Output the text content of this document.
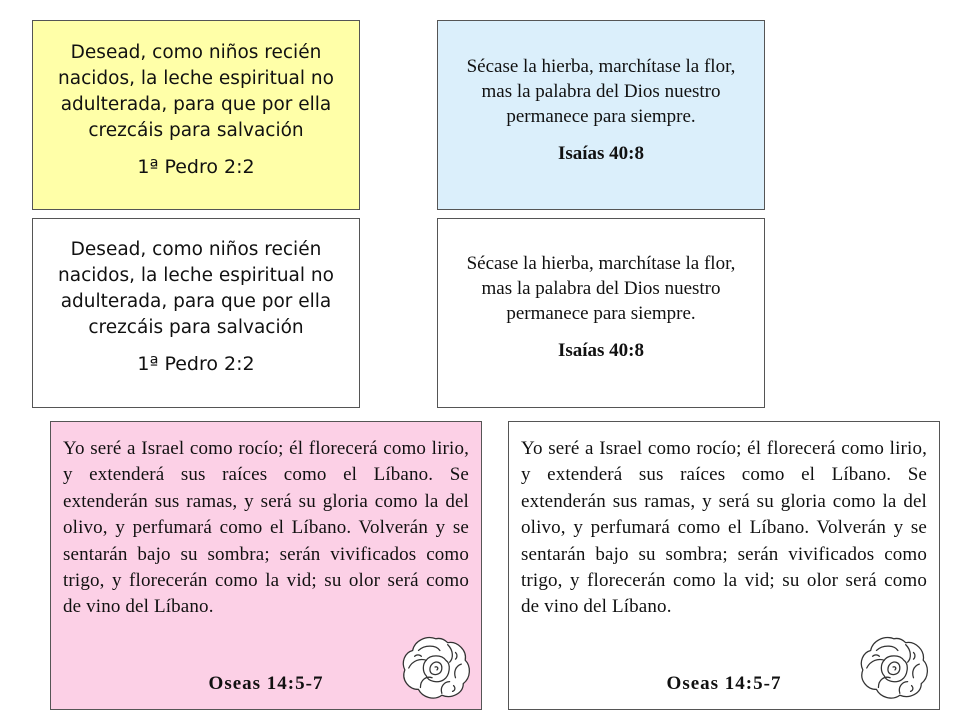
Desead, como niños recién nacidos, la leche espiritual no adulterada, para que por ella crezcáis para salvación

1ª Pedro 2:2

Sécase la hierba, marchítase la flor, mas la palabra del Dios nuestro permanece para siempre.

Isaías 40:8

Desead, como niños recién nacidos, la leche espiritual no adulterada, para que por ella crezcáis para salvación

1ª Pedro 2:2

Sécase la hierba, marchítase la flor, mas la palabra del Dios nuestro permanece para siempre.

Isaías 40:8

Yo seré a Israel como rocío; él florecerá como lirio, y extenderá sus raíces como el Líbano. Se extenderán sus ramas, y será su gloria como la del olivo, y perfumará como el Líbano. Volverán y se sentarán bajo su sombra; serán vivificados como trigo, y florecerán como la vid; su olor será como de vino del Líbano.

Oseas 14:5-7

Yo seré a Israel como rocío; él florecerá como lirio, y extenderá sus raíces como el Líbano. Se extenderán sus ramas, y será su gloria como la del olivo, y perfumará como el Líbano. Volverán y se sentarán bajo su sombra; serán vivificados como trigo, y florecerán como la vid; su olor será como de vino del Líbano.

Oseas 14:5-7
